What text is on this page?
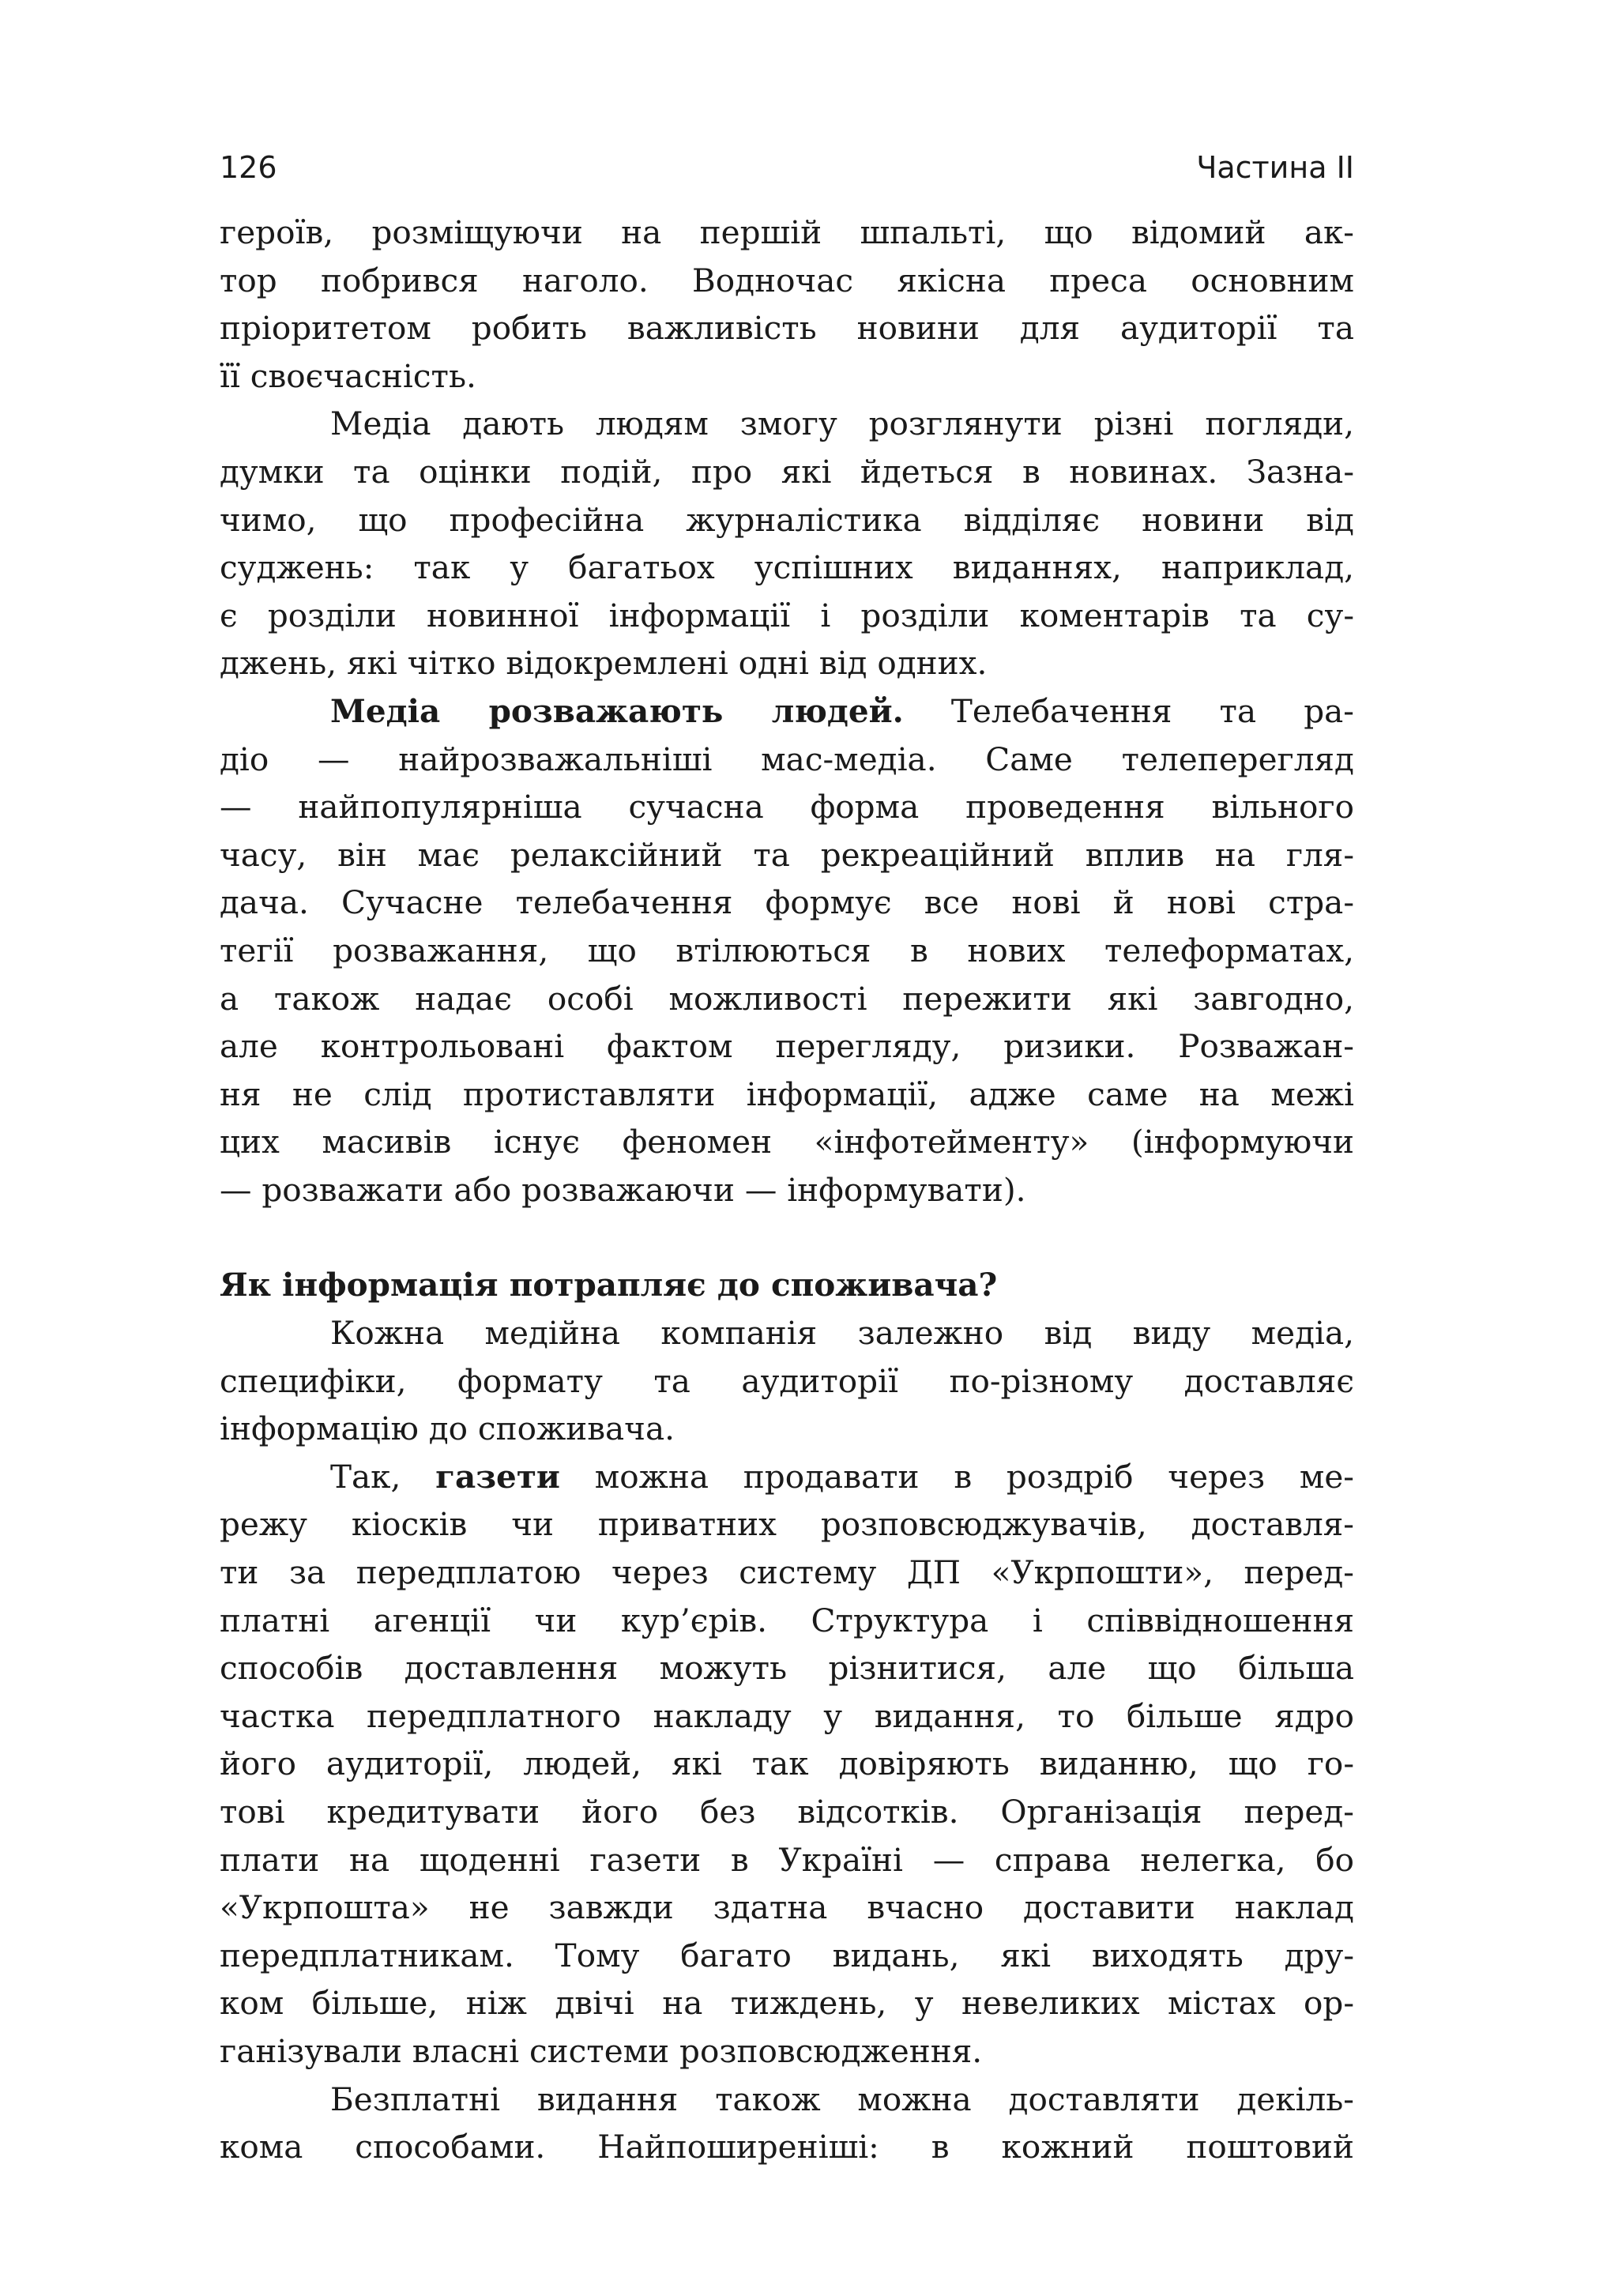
126	Частина II
героїв, розміщуючи на першій шпальті, що відомий ак-
тор побрився наголо. Водночас якісна преса основним
пріоритетом робить важливість новини для аудиторії та
її своєчасність.
Медіа дають людям змогу розглянути різні погляди,
думки та оцінки подій, про які йдеться в новинах. Зазна-
чимо, що професійна журналістика відділяє новини від
суджень: так у багатьох успішних виданнях, наприклад,
є розділи новинної інформації і розділи коментарів та су-
джень, які чітко відокремлені одні від одних.
Медіа розважають людей. Телебачення та ра-
діо — найрозважальніші мас-медіа. Саме телеперегляд
— найпопулярніша сучасна форма проведення вільного
часу, він має релаксійний та рекреаційний вплив на гля-
дача. Сучасне телебачення формує все нові й нові стра-
тегії розважання, що втілюються в нових телеформатах,
а також надає особі можливості пережити які завгодно,
але контрольовані фактом перегляду, ризики. Розважан-
ня не слід протиставляти інформації, адже саме на межі
цих масивів існує феномен «інфотейменту» (інформуючи
— розважати або розважаючи — інформувати).
Як інформація потрапляє до споживача?
Кожна медійна компанія залежно від виду медіа,
специфіки, формату та аудиторії по-різному доставляє
інформацію до споживача.
Так, газети можна продавати в роздріб через ме-
режу кіосків чи приватних розповсюджувачів, доставля-
ти за передплатою через систему ДП «Укрпошти», перед-
платні агенції чи кур’єрів. Структура і співвідношення
способів доставлення можуть різнитися, але що більша
частка передплатного накладу у видання, то більше ядро
його аудиторії, людей, які так довіряють виданню, що го-
тові кредитувати його без відсотків. Організація перед-
плати на щоденні газети в Україні — справа нелегка, бо
«Укрпошта» не завжди здатна вчасно доставити наклад
передплатникам. Тому багато видань, які виходять дру-
ком більше, ніж двічі на тиждень, у невеликих містах ор-
ганізували власні системи розповсюдження.
Безплатні видання також можна доставляти декіль-
кома способами. Найпоширеніші: в кожний поштовий
